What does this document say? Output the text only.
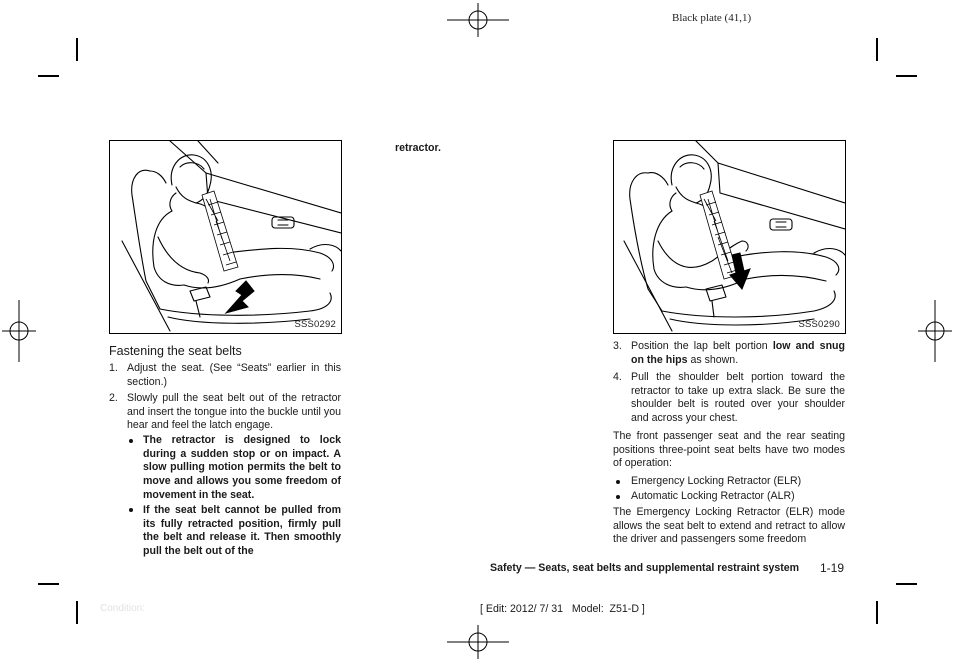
Black plate (41,1)
SSS0292
Fastening the seat belts
1. Adjust the seat. (See “Seats” earlier in this section.)
2. Slowly pull the seat belt out of the retractor and insert the tongue into the buckle until you hear and feel the latch engage.
The retractor is designed to lock during a sudden stop or on impact. A slow pulling motion permits the belt to move and allows you some freedom of movement in the seat.
If the seat belt cannot be pulled from its fully retracted position, firmly pull the belt and release it. Then smoothly pull the belt out of the
retractor.
SSS0290
3. Position the lap belt portion low and snug on the hips as shown.
4. Pull the shoulder belt portion toward the retractor to take up extra slack. Be sure the shoulder belt is routed over your shoulder and across your chest.
The front passenger seat and the rear seating positions three-point seat belts have two modes of operation:
Emergency Locking Retractor (ELR)
Automatic Locking Retractor (ALR)
The Emergency Locking Retractor (ELR) mode allows the seat belt to extend and retract to allow the driver and passengers some freedom
Safety — Seats, seat belts and supplemental restraint system 1-19
Condition:	[ Edit: 2012/ 7/ 31   Model:  Z51-D ]
